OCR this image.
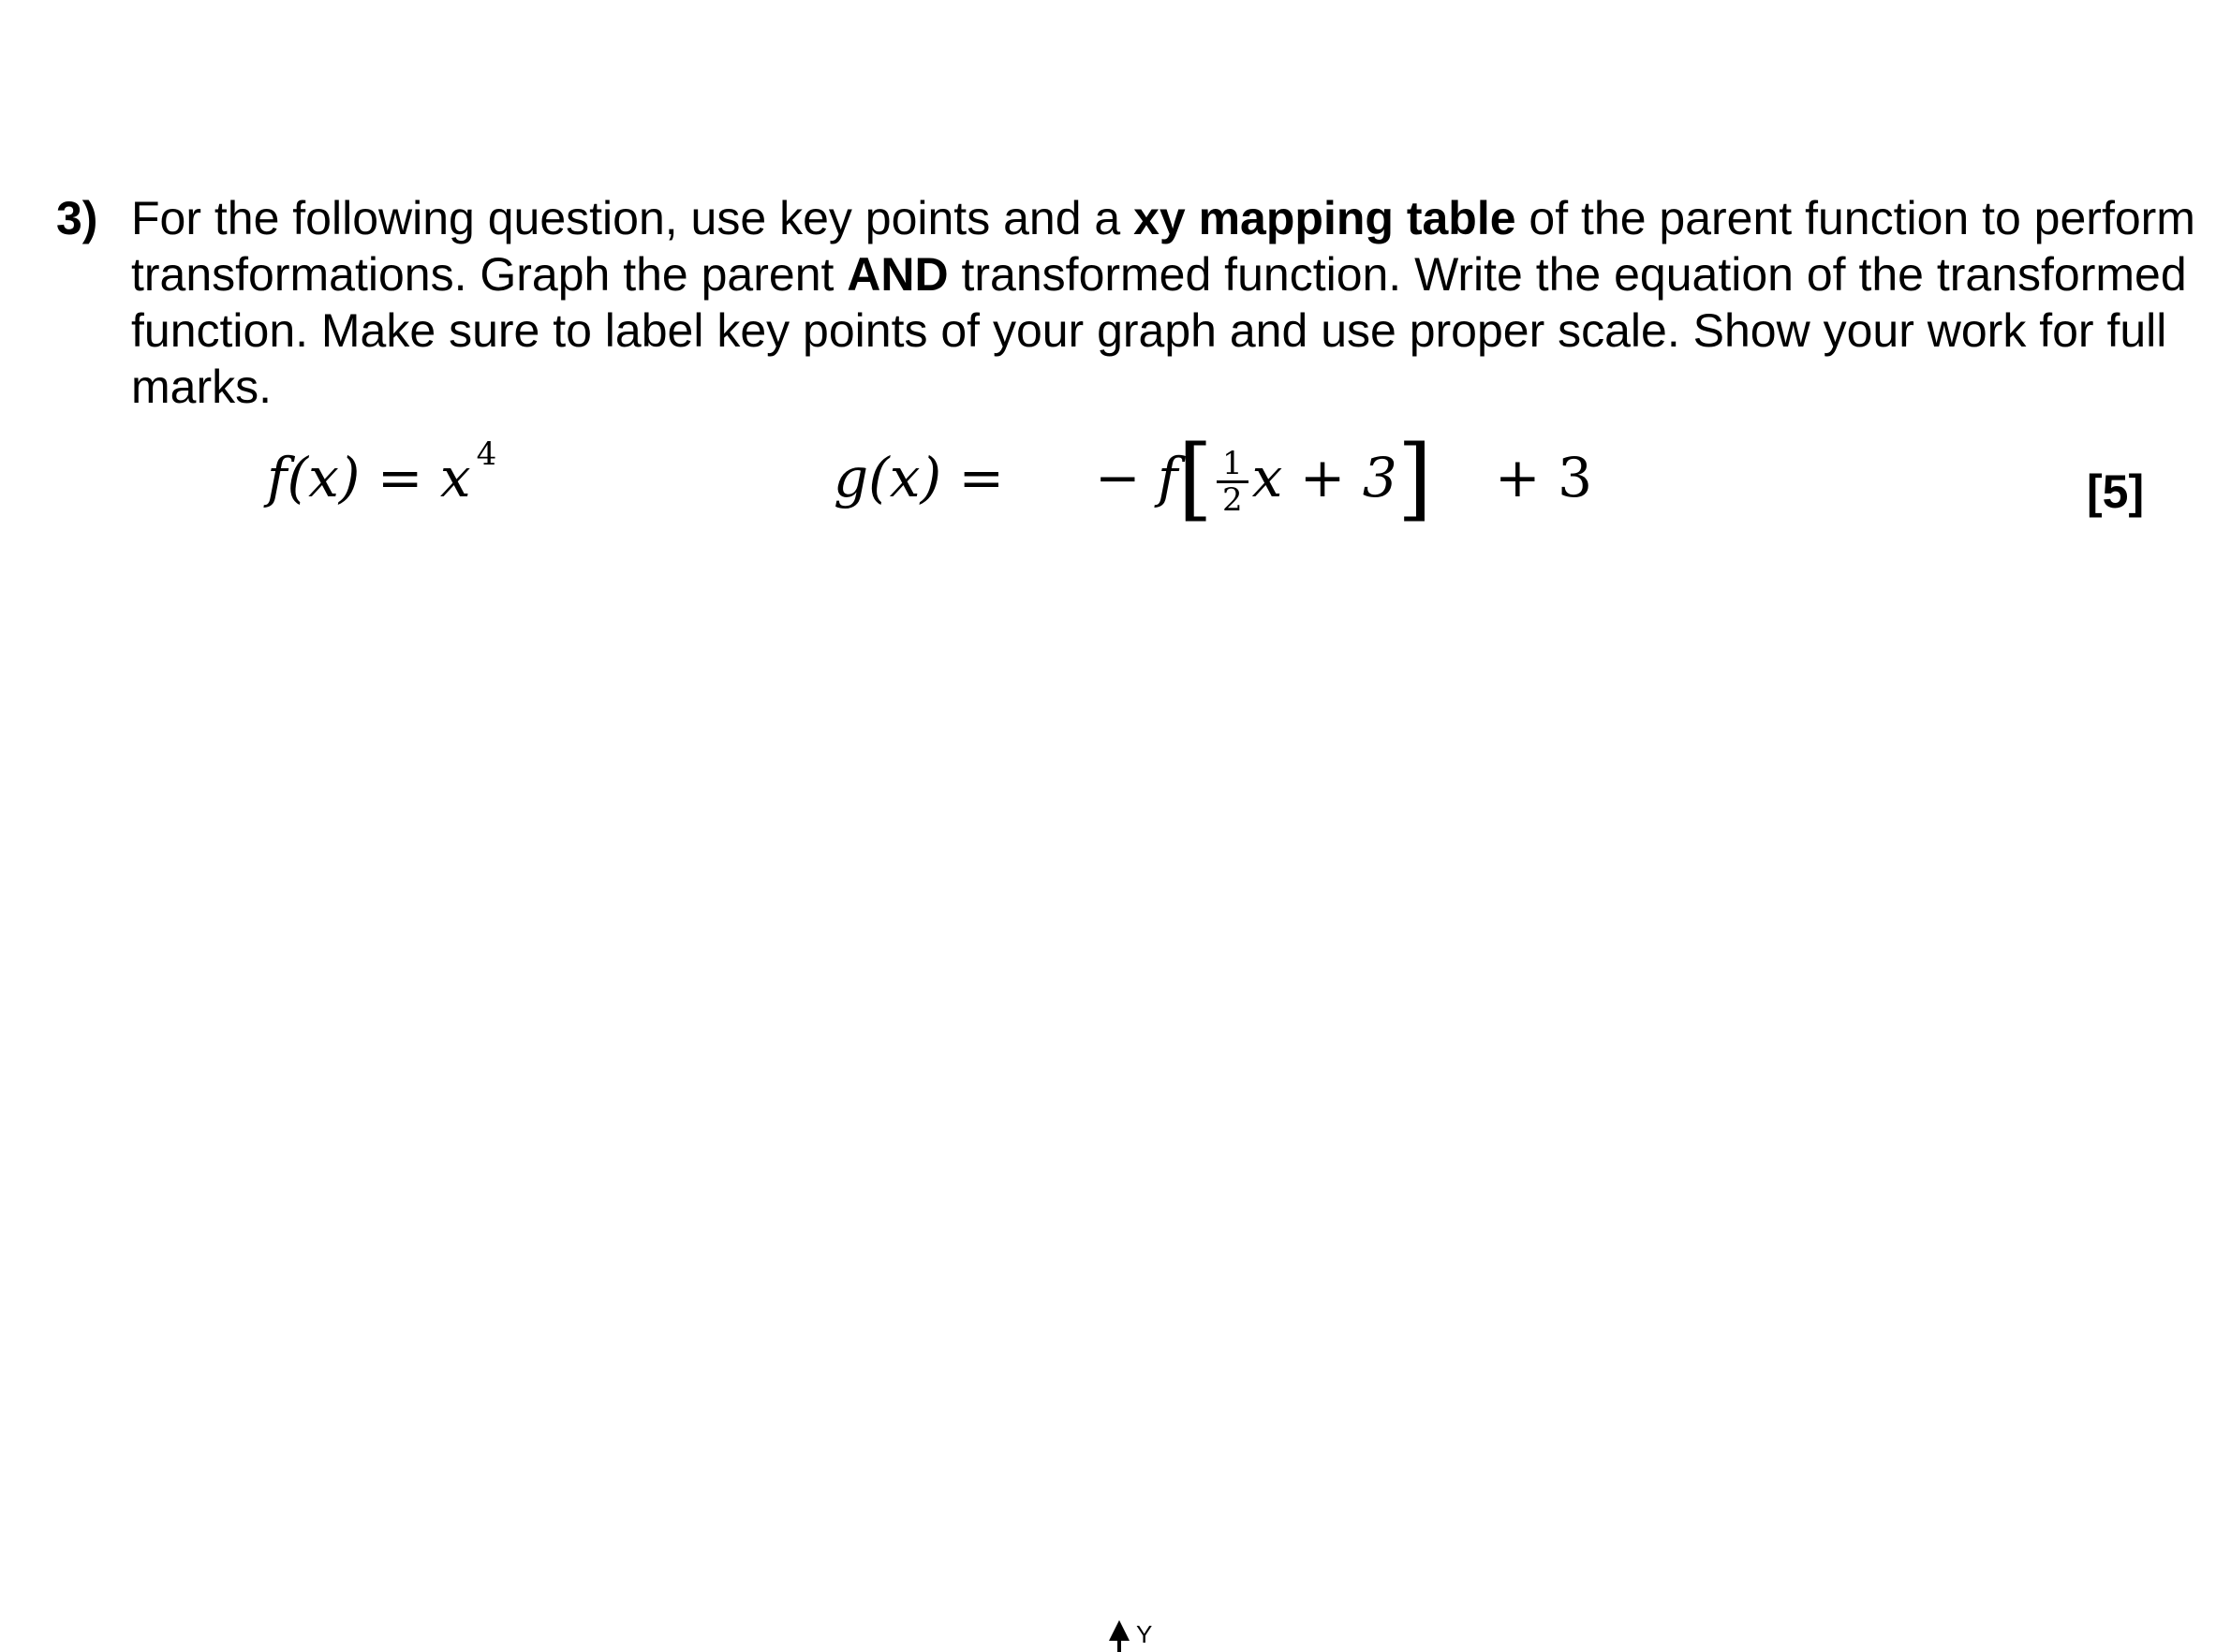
3) For the following question, use key points and a xy mapping table of the parent function to perform transformations. Graph the parent AND transformed function. Write the equation of the transformed function. Make sure to label key points of your graph and use proper scale. Show your work for full marks.
f(x) = x $^4$	g(x) = − $f[ \frac{1}{2}$ x + 3] + 3	[5]
Y
